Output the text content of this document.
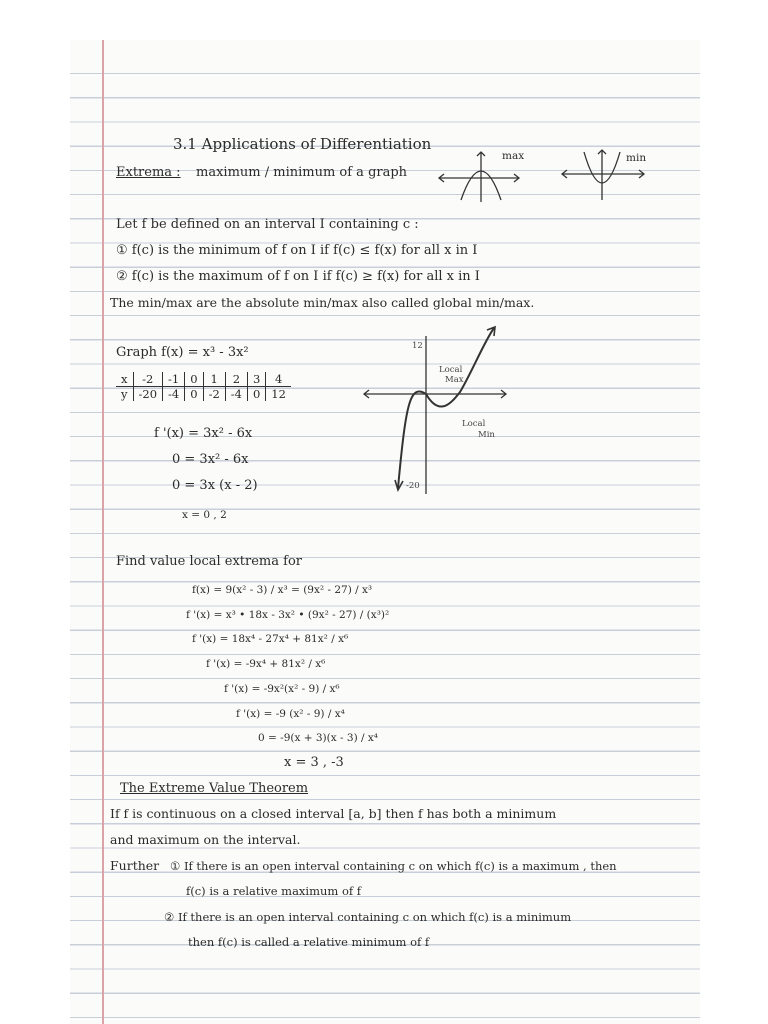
3.1 Applications of Differentiation
Extrema : maximum / minimum of a graph
max	min
Let f be defined on an interval I containing c :
① f(c) is the minimum of f on I if f(c) ≤ f(x) for all x in I
② f(c) is the maximum of f on I if f(c) ≥ f(x) for all x in I
The min/max are the absolute min/max also called global min/max.
Graph f(x) = x³ - 3x²
x	-2	-1	0	1	2	3	4
y	-20	-4	0	-2	-4	0	12
f '(x) = 3x² - 6x
0 = 3x² - 6x
0 = 3x (x - 2)
x = 0 , 2
12
-20
Local
Max
Local
Min
Find value local extrema for
f(x) = 9(x² - 3) / x³ = (9x² - 27) / x³
f '(x) = x³ • 18x - 3x² • (9x² - 27) / (x³)²
f '(x) = 18x⁴ - 27x⁴ + 81x² / x⁶
f '(x) = -9x⁴ + 81x² / x⁶
f '(x) = -9x²(x² - 9) / x⁶
f '(x) = -9 (x² - 9) / x⁴
0 = -9(x + 3)(x - 3) / x⁴
x = 3 , -3
The Extreme Value Theorem
If f is continuous on a closed interval [a, b] then f has both a minimum
and maximum on the interval.
Further ① If there is an open interval containing c on which f(c) is a maximum , then
f(c) is a relative maximum of f
② If there is an open interval containing c on which f(c) is a minimum
then f(c) is called a relative minimum of f
